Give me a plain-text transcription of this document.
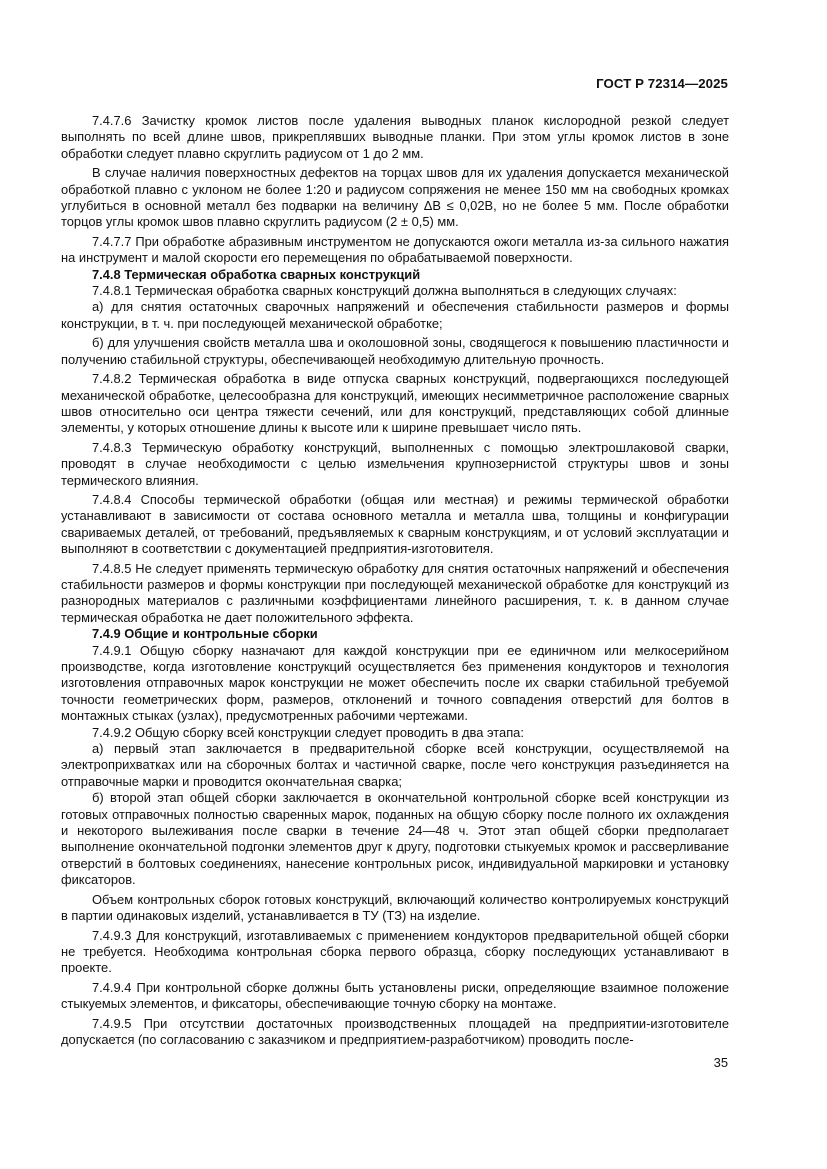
ГОСТ Р 72314—2025

7.4.7.6 Зачистку кромок листов после удаления выводных планок кислородной резкой следует выполнять по всей длине швов, прикреплявших выводные планки. При этом углы кромок листов в зоне обработки следует плавно скруглить радиусом от 1 до 2 мм.

В случае наличия поверхностных дефектов на торцах швов для их удаления допускается механической обработкой плавно с уклоном не более 1:20 и радиусом сопряжения не менее 150 мм на свободных кромках углубиться в основной металл без подварки на величину ΔB ≤ 0,02B, но не более 5 мм. После обработки торцов углы кромок швов плавно скруглить радиусом (2 ± 0,5) мм.

7.4.7.7 При обработке абразивным инструментом не допускаются ожоги металла из-за сильного нажатия на инструмент и малой скорости его перемещения по обрабатываемой поверхности.

7.4.8 Термическая обработка сварных конструкций

7.4.8.1 Термическая обработка сварных конструкций должна выполняться в следующих случаях:

а) для снятия остаточных сварочных напряжений и обеспечения стабильности размеров и формы конструкции, в т. ч. при последующей механической обработке;

б) для улучшения свойств металла шва и околошовной зоны, сводящегося к повышению пластичности и получению стабильной структуры, обеспечивающей необходимую длительную прочность.

7.4.8.2 Термическая обработка в виде отпуска сварных конструкций, подвергающихся последующей механической обработке, целесообразна для конструкций, имеющих несимметричное расположение сварных швов относительно оси центра тяжести сечений, или для конструкций, представляющих собой длинные элементы, у которых отношение длины к высоте или к ширине превышает число пять.

7.4.8.3 Термическую обработку конструкций, выполненных с помощью электрошлаковой сварки, проводят в случае необходимости с целью измельчения крупнозернистой структуры швов и зоны термического влияния.

7.4.8.4 Способы термической обработки (общая или местная) и режимы термической обработки устанавливают в зависимости от состава основного металла и металла шва, толщины и конфигурации свариваемых деталей, от требований, предъявляемых к сварным конструкциям, и от условий эксплуатации и выполняют в соответствии с документацией предприятия-изготовителя.

7.4.8.5 Не следует применять термическую обработку для снятия остаточных напряжений и обеспечения стабильности размеров и формы конструкции при последующей механической обработке для конструкций из разнородных материалов с различными коэффициентами линейного расширения, т. к. в данном случае термическая обработка не дает положительного эффекта.

7.4.9 Общие и контрольные сборки

7.4.9.1 Общую сборку назначают для каждой конструкции при ее единичном или мелкосерийном производстве, когда изготовление конструкций осуществляется без применения кондукторов и технология изготовления отправочных марок конструкции не может обеспечить после их сварки стабильной требуемой точности геометрических форм, размеров, отклонений и точного совпадения отверстий для болтов в монтажных стыках (узлах), предусмотренных рабочими чертежами.

7.4.9.2 Общую сборку всей конструкции следует проводить в два этапа:

а) первый этап заключается в предварительной сборке всей конструкции, осуществляемой на электроприхватках или на сборочных болтах и частичной сварке, после чего конструкция разъединяется на отправочные марки и проводится окончательная сварка;

б) второй этап общей сборки заключается в окончательной контрольной сборке всей конструкции из готовых отправочных полностью сваренных марок, поданных на общую сборку после полного их охлаждения и некоторого вылеживания после сварки в течение 24—48 ч. Этот этап общей сборки предполагает выполнение окончательной подгонки элементов друг к другу, подготовки стыкуемых кромок и рассверливание отверстий в болтовых соединениях, нанесение контрольных рисок, индивидуальной маркировки и установку фиксаторов.

Объем контрольных сборок готовых конструкций, включающий количество контролируемых конструкций в партии одинаковых изделий, устанавливается в ТУ (ТЗ) на изделие.

7.4.9.3 Для конструкций, изготавливаемых с применением кондукторов предварительной общей сборки не требуется. Необходима контрольная сборка первого образца, сборку последующих устанавливают в проекте.

7.4.9.4 При контрольной сборке должны быть установлены риски, определяющие взаимное положение стыкуемых элементов, и фиксаторы, обеспечивающие точную сборку на монтаже.

7.4.9.5 При отсутствии достаточных производственных площадей на предприятии-изготовителе допускается (по согласованию с заказчиком и предприятием-разработчиком) проводить после-

35
